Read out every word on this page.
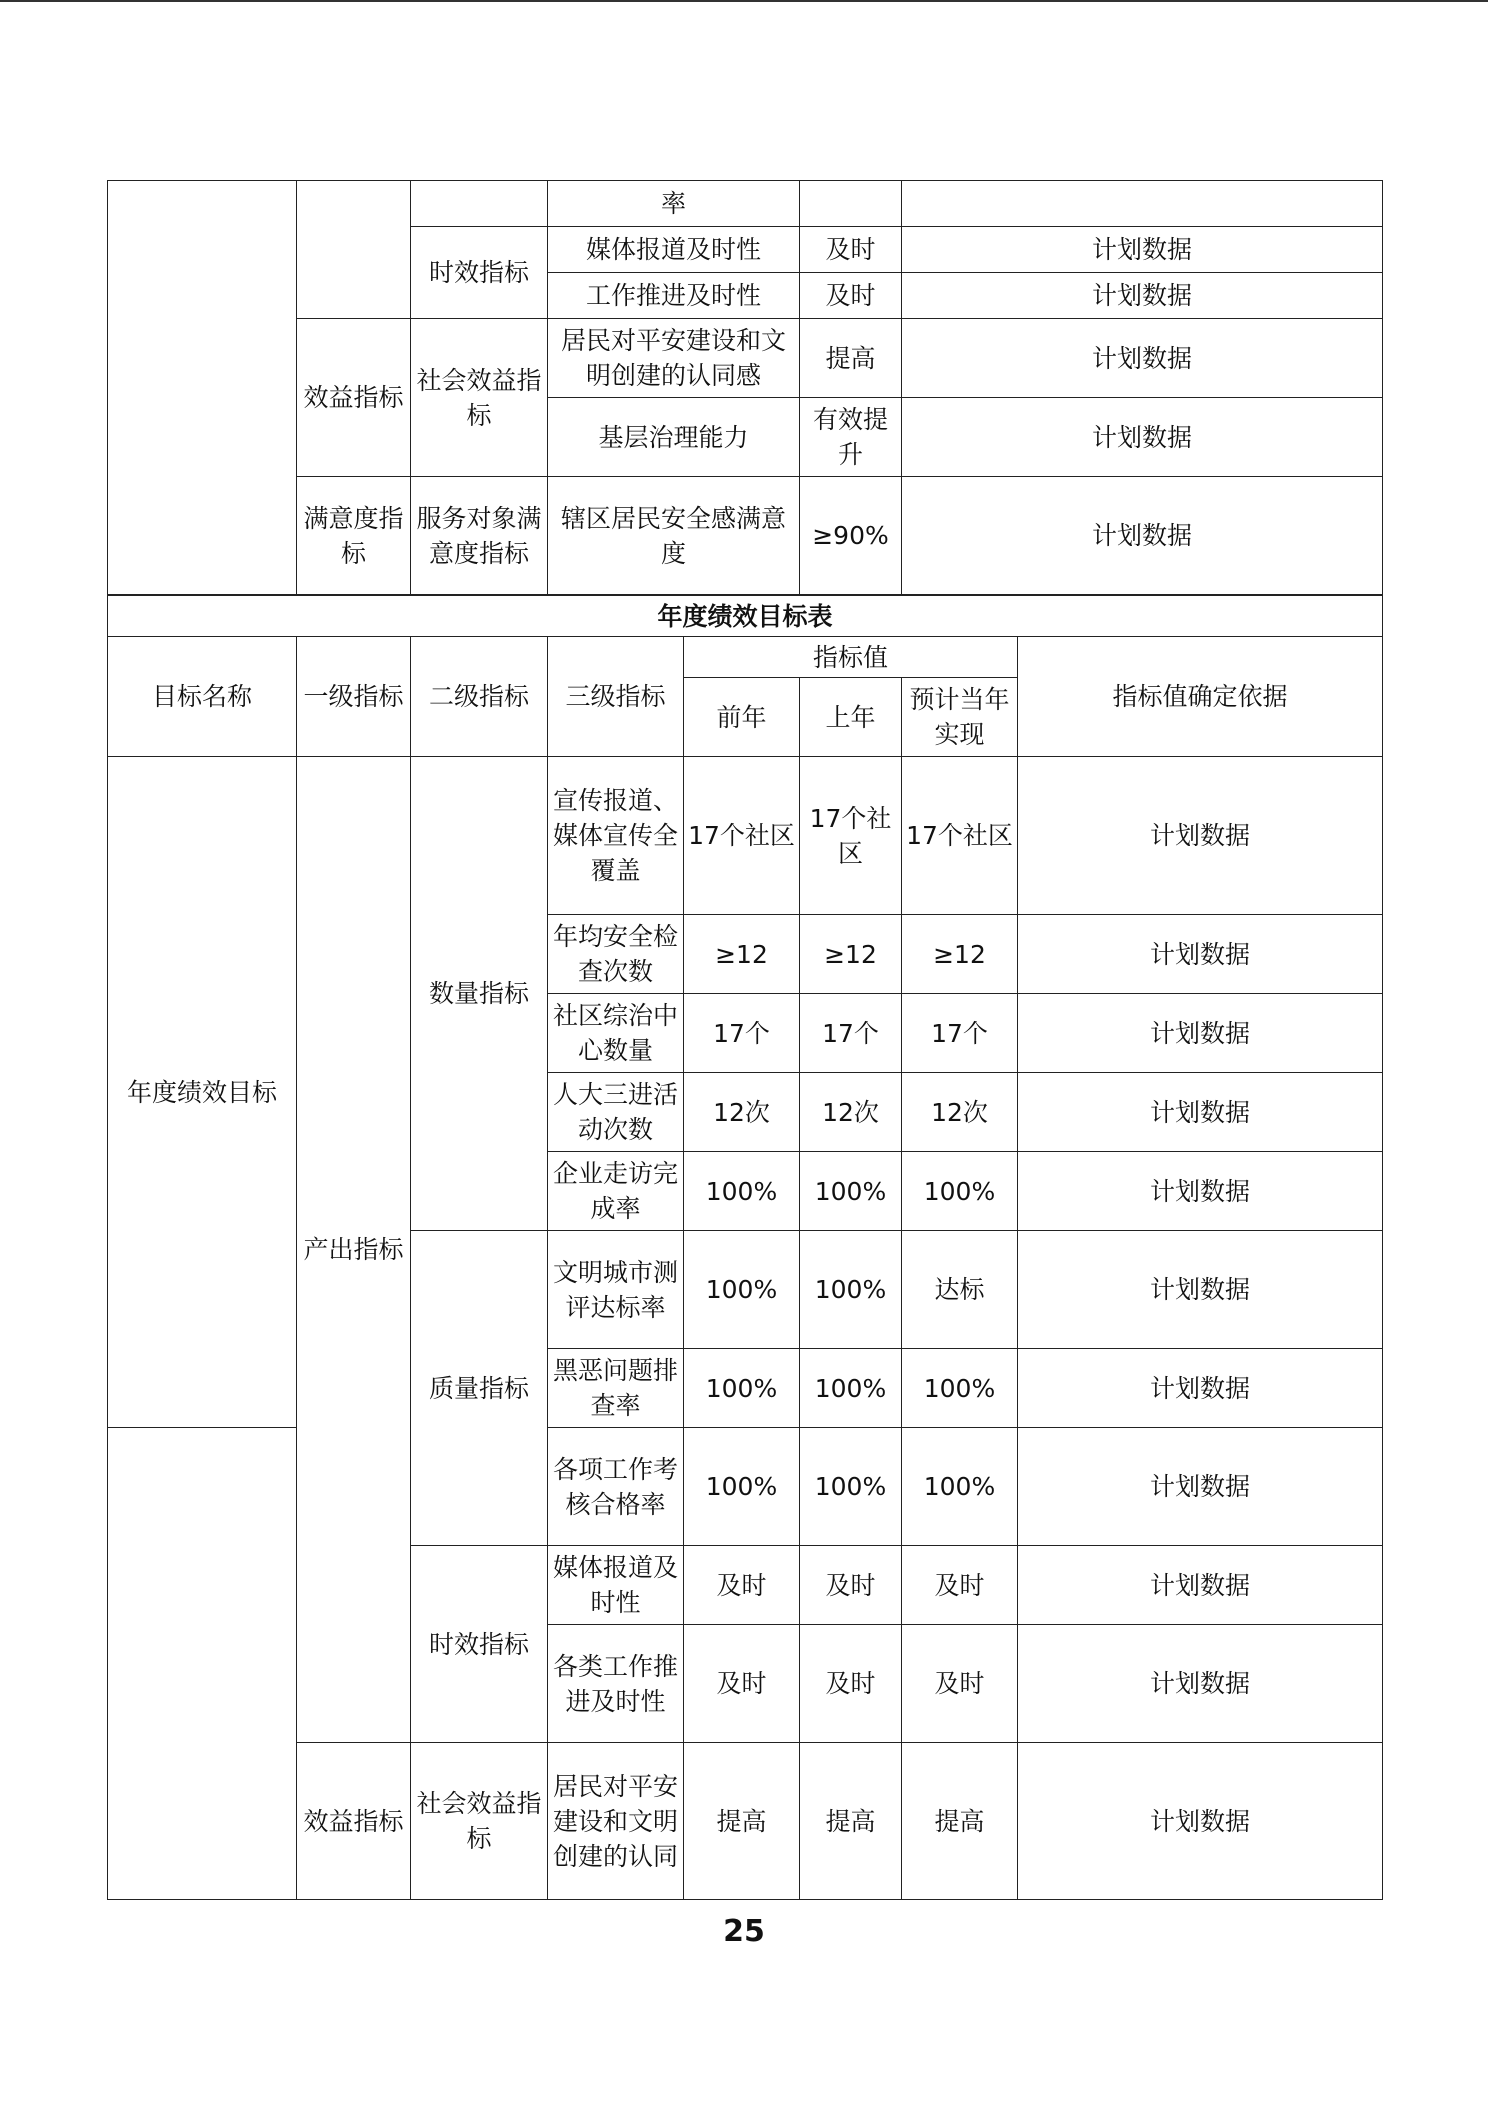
			率		
		时效指标	媒体报道及时性	及时	计划数据
			工作推进及时性	及时	计划数据
	效益指标	社会效益指标	居民对平安建设和文明创建的认同感	提高	计划数据
			基层治理能力	有效提升	计划数据
	满意度指标	服务对象满意度指标	辖区居民安全感满意度	≥90%	计划数据
年度绩效目标表							
目标名称	一级指标	二级指标	三级指标	指标值			指标值确定依据
				前年	上年	预计当年实现	
年度绩效目标	产出指标	数量指标	宣传报道、媒体宣传全覆盖	17个社区	17个社区	17个社区	计划数据
			年均安全检查次数	≥12	≥12	≥12	计划数据
			社区综治中心数量	17个	17个	17个	计划数据
			人大三进活动次数	12次	12次	12次	计划数据
			企业走访完成率	100%	100%	100%	计划数据
		质量指标	文明城市测评达标率	100%	100%	达标	计划数据
			黑恶问题排查率	100%	100%	100%	计划数据
			各项工作考核合格率	100%	100%	100%	计划数据
		时效指标	媒体报道及时性	及时	及时	及时	计划数据
			各类工作推进及时性	及时	及时	及时	计划数据
	效益指标	社会效益指标	居民对平安建设和文明创建的认同	提高	提高	提高	计划数据
25
